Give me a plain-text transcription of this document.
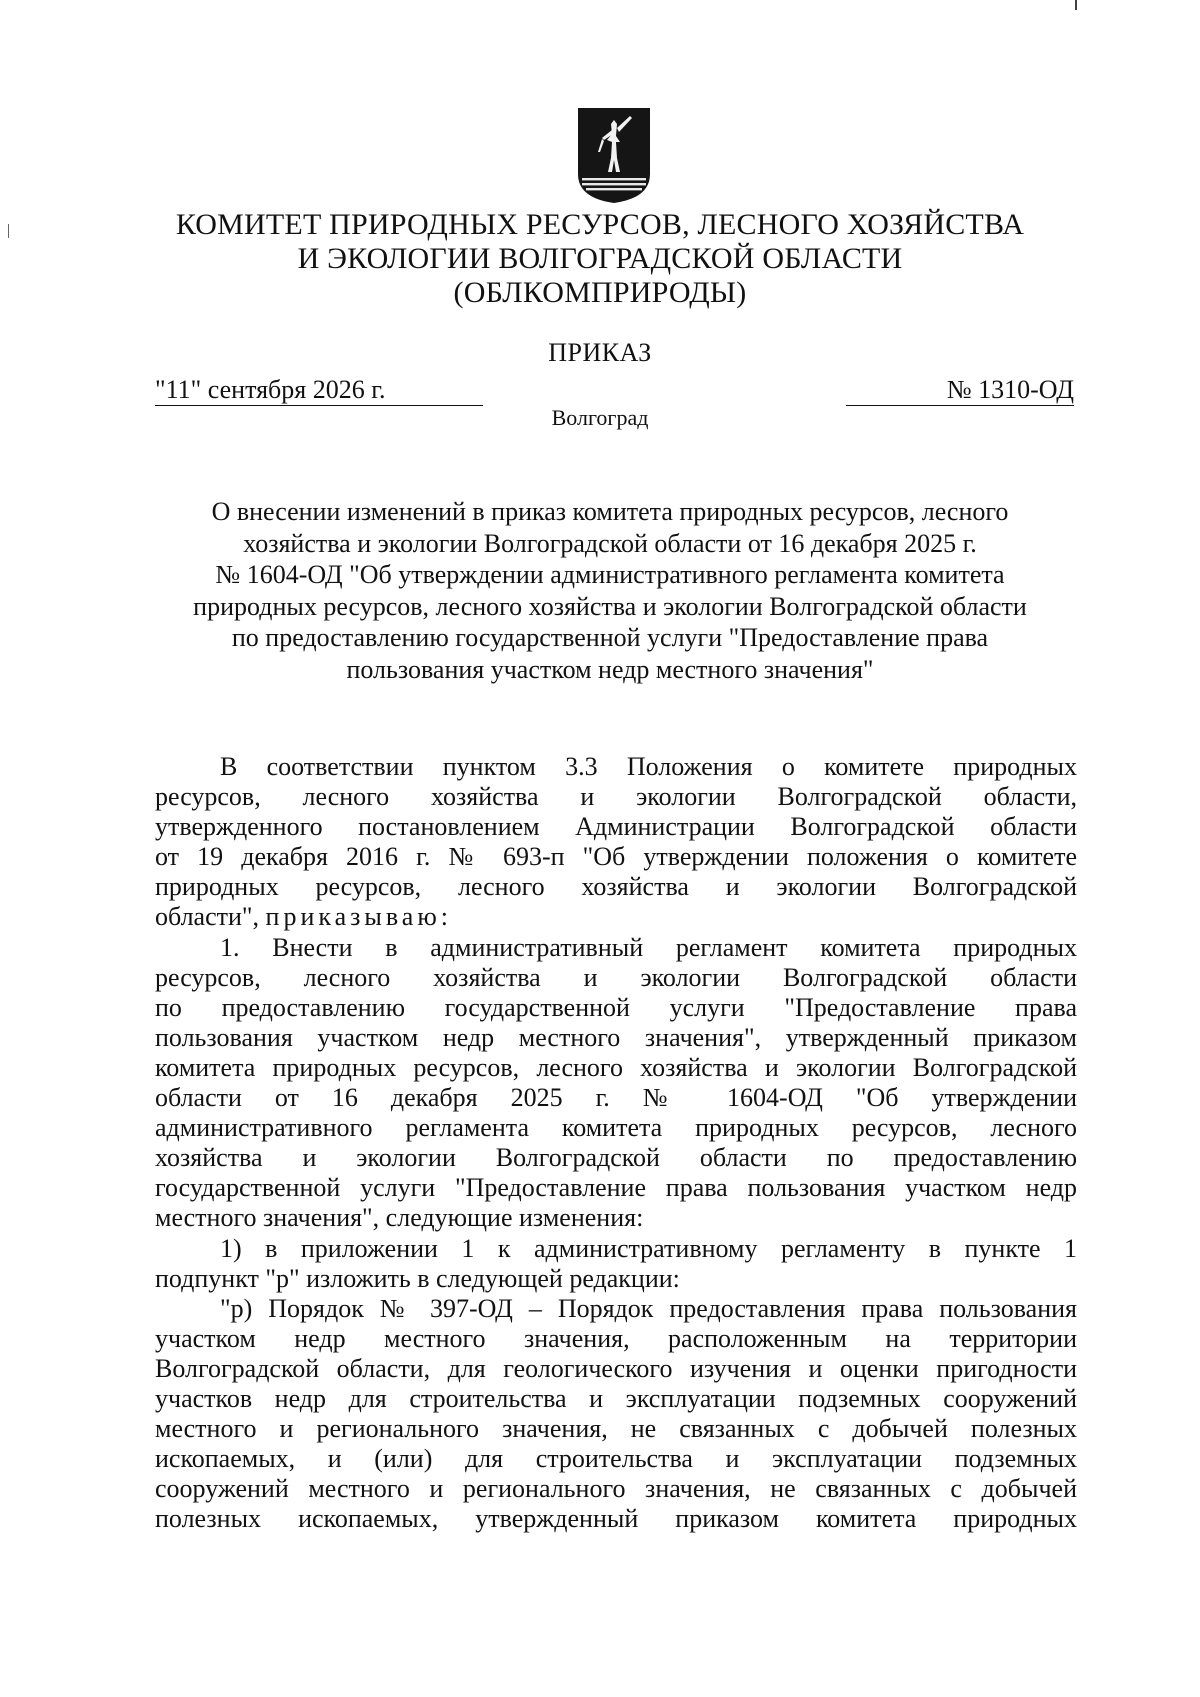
КОМИТЕТ ПРИРОДНЫХ РЕСУРСОВ, ЛЕСНОГО ХОЗЯЙСТВА
И ЭКОЛОГИИ ВОЛГОГРАДСКОЙ ОБЛАСТИ
(ОБЛКОМПРИРОДЫ)
ПРИКАЗ
"11" сентября 2026 г.	№ 1310-ОД
Волгоград
О внесении изменений в приказ комитета природных ресурсов, лесного
хозяйства и экологии Волгоградской области от 16 декабря 2025 г.
№ 1604-ОД "Об утверждении административного регламента комитета
природных ресурсов, лесного хозяйства и экологии Волгоградской области
по предоставлению государственной услуги "Предоставление права
пользования участком недр местного значения"
В соответствии пунктом 3.3 Положения о комитете природных
ресурсов, лесного хозяйства и экологии Волгоградской области,
утвержденного постановлением Администрации Волгоградской области
от 19 декабря 2016 г. № 693-п "Об утверждении положения о комитете
природных ресурсов, лесного хозяйства и экологии Волгоградской
области", приказываю:
1. Внести в административный регламент комитета природных
ресурсов, лесного хозяйства и экологии Волгоградской области
по предоставлению государственной услуги "Предоставление права
пользования участком недр местного значения", утвержденный приказом
комитета природных ресурсов, лесного хозяйства и экологии Волгоградской
области от 16 декабря 2025 г. № 1604-ОД "Об утверждении
административного регламента комитета природных ресурсов, лесного
хозяйства и экологии Волгоградской области по предоставлению
государственной услуги "Предоставление права пользования участком недр
местного значения", следующие изменения:
1) в приложении 1 к административному регламенту в пункте 1
подпункт "р" изложить в следующей редакции:
"р) Порядок № 397-ОД – Порядок предоставления права пользования
участком недр местного значения, расположенным на территории
Волгоградской области, для геологического изучения и оценки пригодности
участков недр для строительства и эксплуатации подземных сооружений
местного и регионального значения, не связанных с добычей полезных
ископаемых, и (или) для строительства и эксплуатации подземных
сооружений местного и регионального значения, не связанных с добычей
полезных ископаемых, утвержденный приказом комитета природных
